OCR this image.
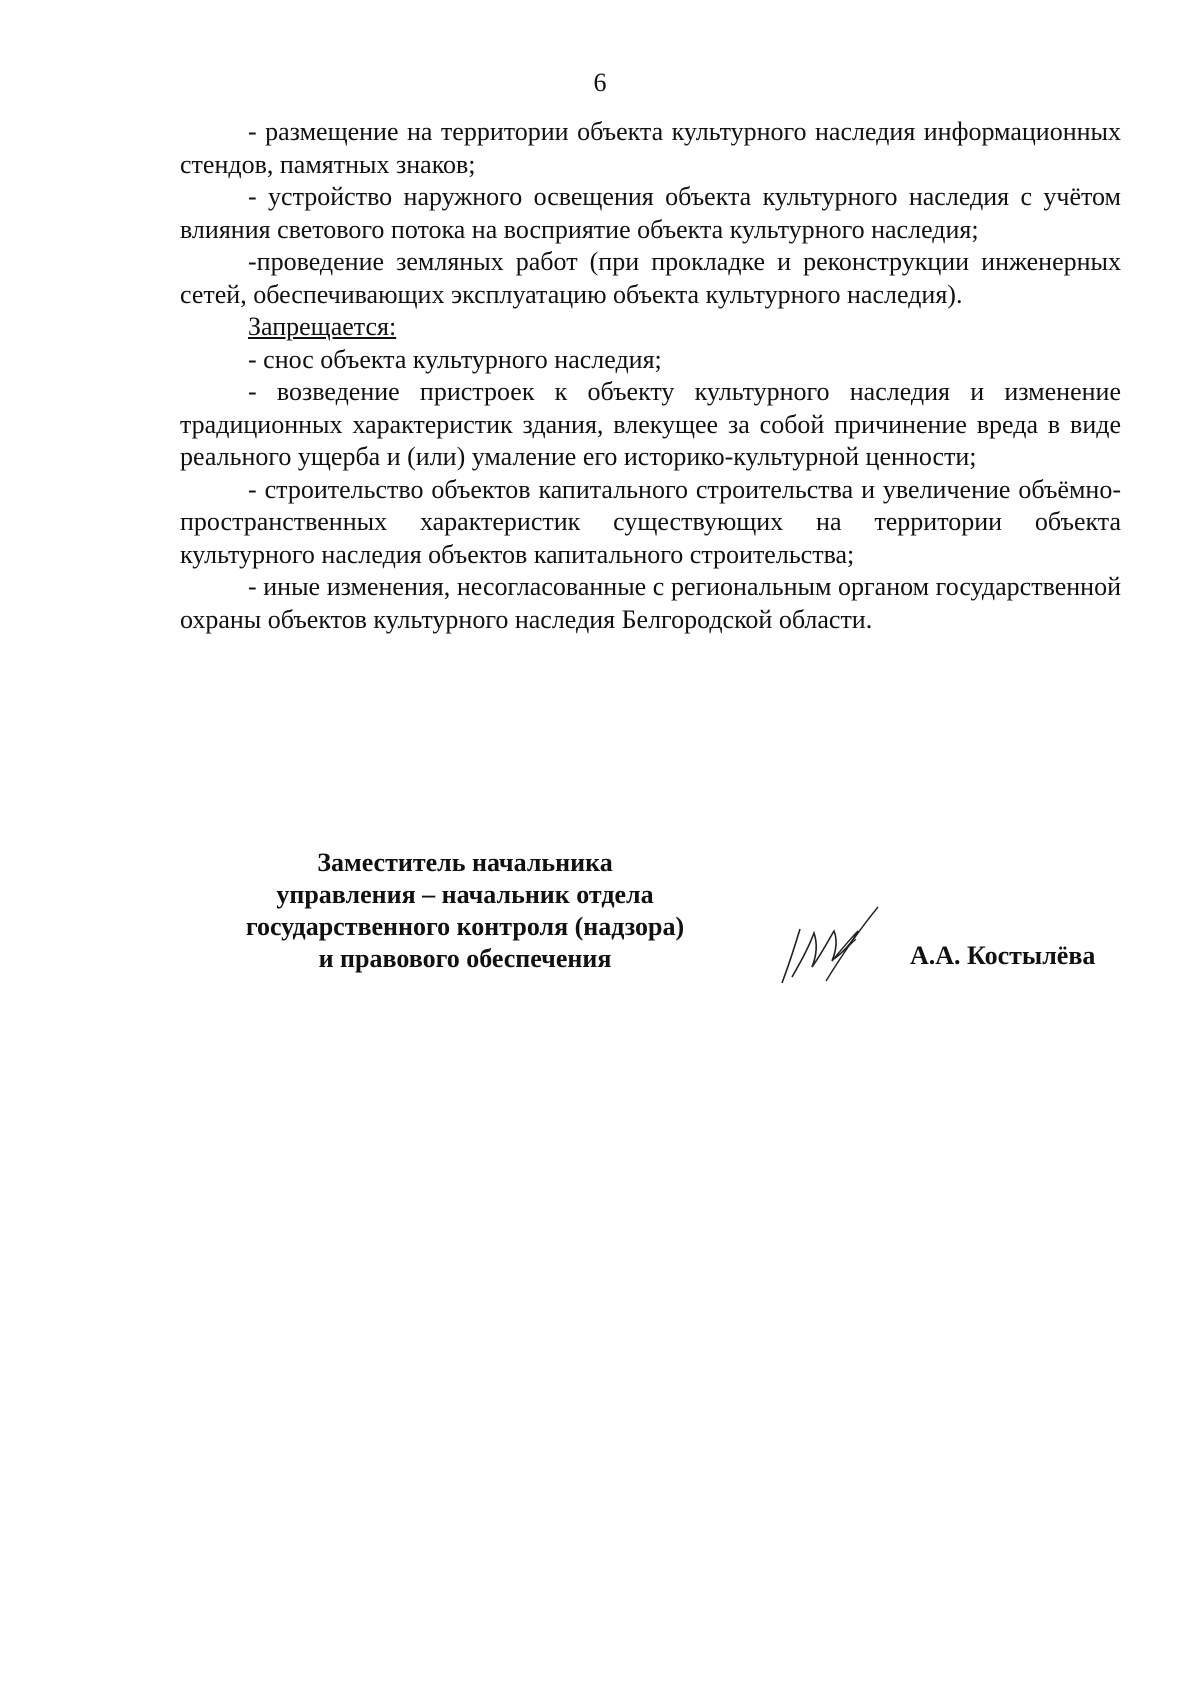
6

- размещение на территории объекта культурного наследия информационных стендов, памятных знаков;

- устройство наружного освещения объекта культурного наследия с учётом влияния светового потока на восприятие объекта культурного наследия;

-проведение земляных работ (при прокладке и реконструкции инженерных сетей, обеспечивающих эксплуатацию объекта культурного наследия).

Запрещается:

- снос объекта культурного наследия;

- возведение пристроек к объекту культурного наследия и изменение традиционных характеристик здания, влекущее за собой причинение вреда в виде реального ущерба и (или) умаление его историко-культурной ценности;

- строительство объектов капитального строительства и увеличение объёмно-пространственных характеристик существующих на территории объекта культурного наследия объектов капитального строительства;

- иные изменения, несогласованные с региональным органом государственной охраны объектов культурного наследия Белгородской области.

Заместитель начальника
управления – начальник отдела
государственного контроля (надзора)
и правового обеспечения	А.А. Костылёва
